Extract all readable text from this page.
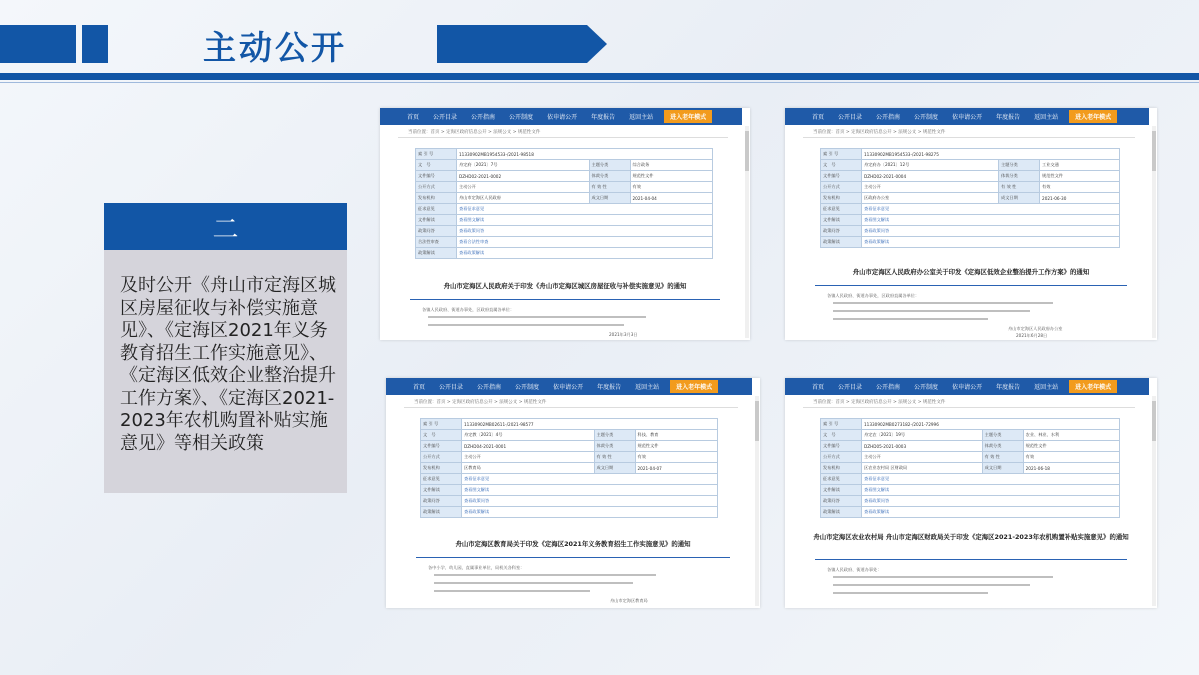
主动公开
二
及时公开《舟山市定海区城区房屋征收与补偿实施意见》、《定海区2021年义务教育招生工作实施意见》、《定海区低效企业整治提升工作方案》、《定海区2021-2023年农机购置补贴实施意见》等相关政策
首页 公开目录 公开指南 公开制度 依申请公开 年度报告 返回主站	进入老年模式
当前位置：首页 > 定海区政府信息公开 > 法规公文 > 规范性文件
索 引 号	11330902MB1954533-/2021-98518		
文　号	舟定府〔2021〕7号	主题分类	综合政务
文件编号	DZHD02-2021-0002	体裁分类	规范性文件
公开方式	主动公开	有 效 性	有效
发布机构	舟山市定海区人民政府	成文日期	2021-04-04
征求意见	查看征求意见		
文件解读	查看图文解读		
政策问答	查看政策问答		
合法性审查	查看合法性审查		
政策解读	查看政策解读		
舟山市定海区人民政府关于印发《舟山市定海区城区房屋征收与补偿实施意见》的通知
各镇人民政府、街道办事处，区政府直属各单位：
2021年3月3日
首页 公开目录 公开指南 公开制度 依申请公开 年度报告 返回主站	进入老年模式
当前位置：首页 > 定海区政府信息公开 > 法规公文 > 规范性文件
索 引 号	11330902MB1954533-/2021-98275		
文　号	舟定府办〔2021〕12号	主题分类	工业交通
文件编号	DZHD02-2021-0004	体裁分类	规范性文件
公开方式	主动公开	有 效 性	有效
发布机构	区政府办公室	成文日期	2021-06-30
征求意见	查看征求意见		
文件解读	查看图文解读		
政策问答	查看政策问答		
政策解读	查看政策解读		
舟山市定海区人民政府办公室关于印发《定海区低效企业整治提升工作方案》的通知
各镇人民政府、街道办事处，区政府直属各单位：
舟山市定海区人民政府办公室
2021年6月28日
首页 公开目录 公开指南 公开制度 依申请公开 年度报告 返回主站	进入老年模式
当前位置：首页 > 定海区政府信息公开 > 法规公文 > 规范性文件
索 引 号	11330902MB02611-/2021-98577		
文　号	舟定教〔2021〕4号	主题分类	科技、教育
文件编号	DZHD04-2021-0001	体裁分类	规范性文件
公开方式	主动公开	有 效 性	有效
发布机构	区教育局	成文日期	2021-04-07
征求意见	查看征求意见		
文件解读	查看图文解读		
政策问答	查看政策问答		
政策解读	查看政策解读		
舟山市定海区教育局关于印发《定海区2021年义务教育招生工作实施意见》的通知
各中小学、幼儿园，直属事业单位，局机关各科室：
舟山市定海区教育局
首页 公开目录 公开指南 公开制度 依申请公开 年度报告 返回主站	进入老年模式
当前位置：首页 > 定海区政府信息公开 > 法规公文 > 规范性文件
索 引 号	11330902MB0273182-/2021-72996		
文　号	舟定农〔2021〕19号	主题分类	农业、林业、水利
文件编号	DZHD05-2021-0003	体裁分类	规范性文件
公开方式	主动公开	有 效 性	有效
发布机构	区农业农村局 区财政局	成文日期	2021-06-18
征求意见	查看征求意见		
文件解读	查看图文解读		
政策问答	查看政策问答		
政策解读	查看政策解读		
舟山市定海区农业农村局 舟山市定海区财政局关于印发《定海区2021-2023年农机购置补贴实施意见》的通知
各镇人民政府、街道办事处：
